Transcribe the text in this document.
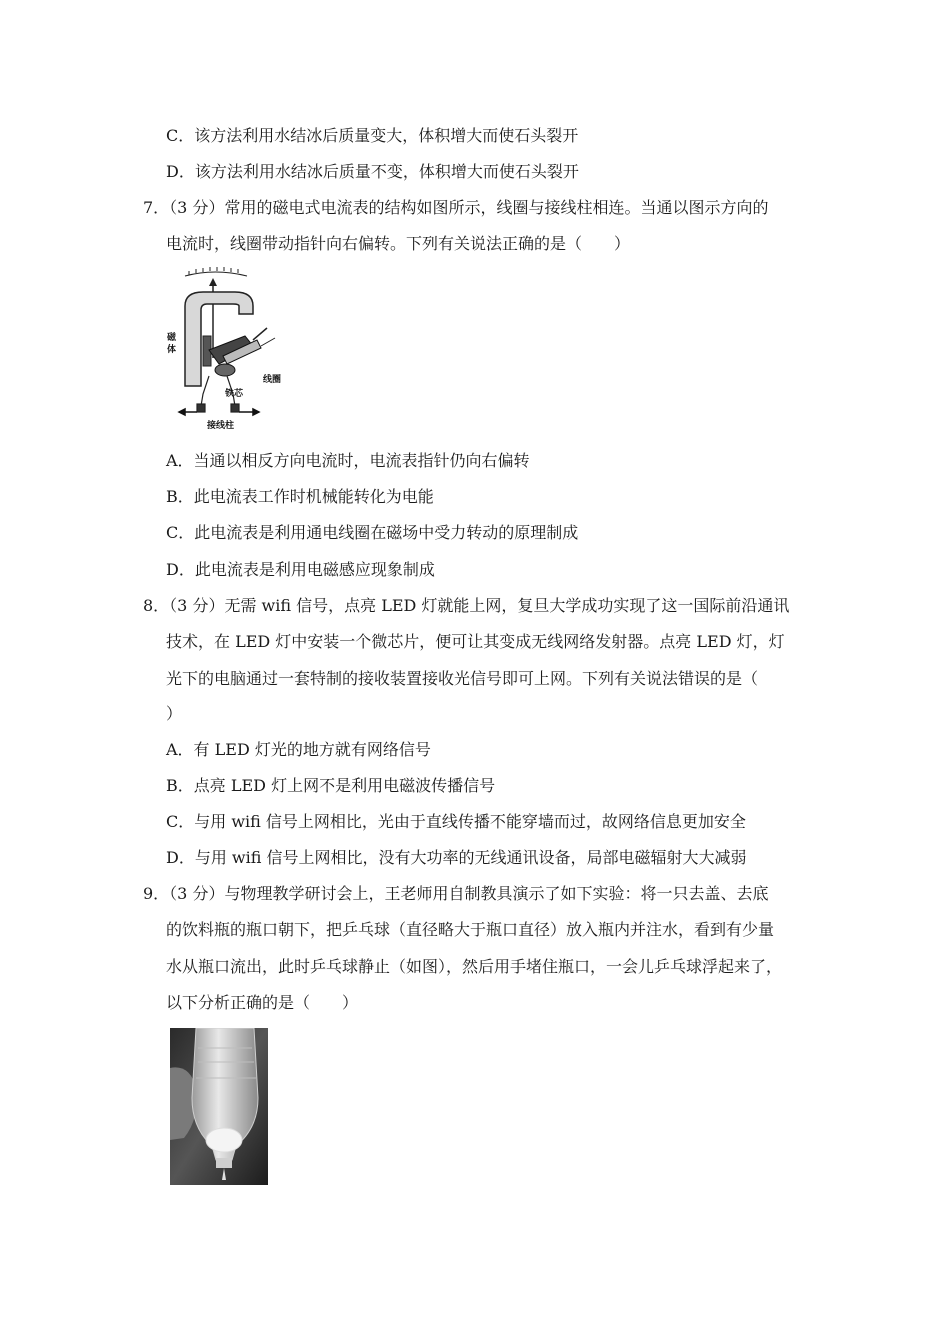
C．该方法利用水结冰后质量变大，体积增大而使石头裂开
D．该方法利用水结冰后质量不变，体积增大而使石头裂开
7．（3 分）常用的磁电式电流表的结构如图所示，线圈与接线柱相连。当通以图示方向的
电流时，线圈带动指针向右偏转。下列有关说法正确的是（　　）
磁
体
线圈
铁芯
接线柱
A．当通以相反方向电流时，电流表指针仍向右偏转
B．此电流表工作时机械能转化为电能
C．此电流表是利用通电线圈在磁场中受力转动的原理制成
D．此电流表是利用电磁感应现象制成
8．（3 分）无需 wifi 信号，点亮 LED 灯就能上网，复旦大学成功实现了这一国际前沿通讯
技术，在 LED 灯中安装一个微芯片，便可让其变成无线网络发射器。点亮 LED 灯，灯
光下的电脑通过一套特制的接收装置接收光信号即可上网。下列有关说法错误的是（
）
A．有 LED 灯光的地方就有网络信号
B．点亮 LED 灯上网不是利用电磁波传播信号
C．与用 wifi 信号上网相比，光由于直线传播不能穿墙而过，故网络信息更加安全
D．与用 wifi 信号上网相比，没有大功率的无线通讯设备，局部电磁辐射大大减弱
9．（3 分）与物理教学研讨会上，王老师用自制教具演示了如下实验：将一只去盖、去底
的饮料瓶的瓶口朝下，把乒乓球（直径略大于瓶口直径）放入瓶内并注水，看到有少量
水从瓶口流出，此时乒乓球静止（如图），然后用手堵住瓶口，一会儿乒乓球浮起来了，
以下分析正确的是（　　）
